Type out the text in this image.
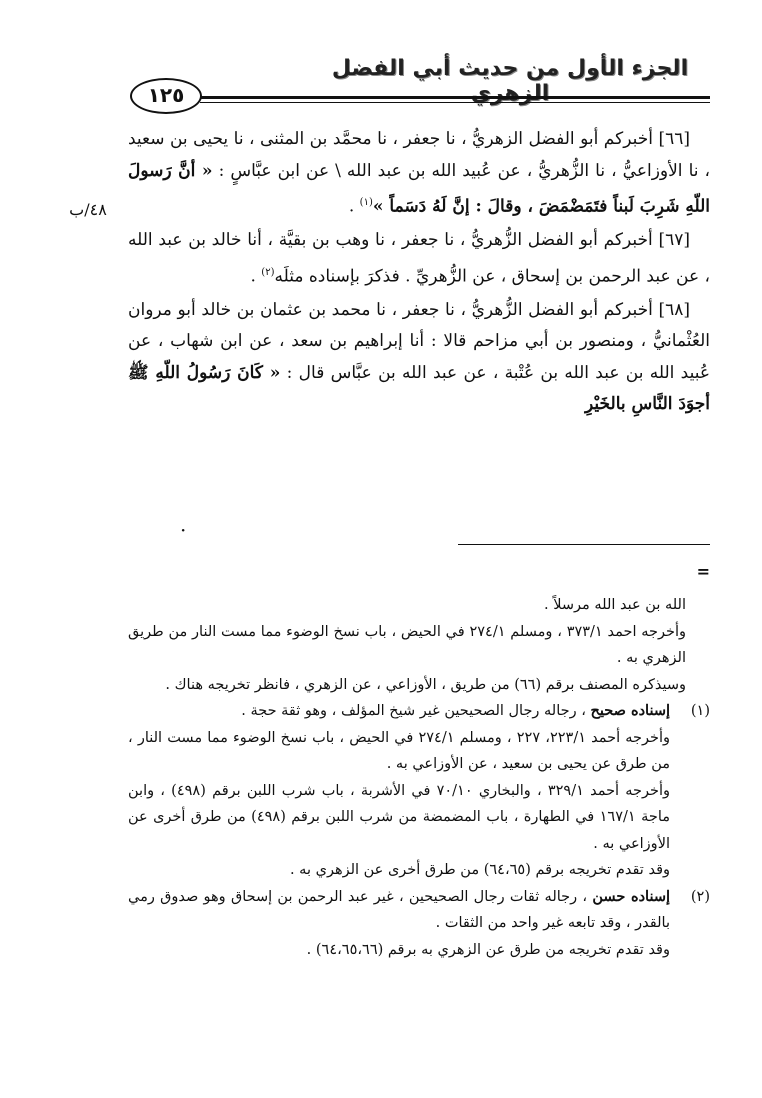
الجزء الأول من حديث أبي الفضل الزهري
١٢٥
٤٨/ب

[٦٦] أخبركم أبو الفضل الزهريُّ ، نا جعفر ، نا محمَّد بن المثنى ، نا يحيى بن سعيد ، نا الأوزاعيُّ ، نا الزُّهريُّ ، عن عُبيد الله بن عبد الله \ عن ابن عبَّاسٍ : « أنَّ رَسولَ اللّهِ شَرِبَ لَبناً فتَمَضْمَضَ ، وقالَ : إنَّ لَهُ دَسَماً »$^{(١)}$ .

[٦٧] أخبركم أبو الفضل الزُّهريُّ ، نا جعفر ، نا وهب بن بقيَّة ، أنا خالد بن عبد الله ، عن عبد الرحمن بن إسحاق ، عن الزُّهريِّ . فذكرَ بإسناده مثلَه$^{(٢)}$ .

[٦٨] أخبركم أبو الفضل الزُّهريُّ ، نا جعفر ، نا محمد بن عثمان بن خالد أبو مروان العُثْمانيُّ ، ومنصور بن أبي مزاحم قالا : أنا إبراهيم بن سعد ، عن ابن شهاب ، عن عُبيد الله بن عبد الله بن عُتْبة ، عن عبد الله بن عبَّاس قال : « كَانَ رَسُولُ اللّهِ ﷺ أجوَدَ النَّاسِ بالخَيْرِ

·
=

الله بن عبد الله مرسلاً .

وأخرجه احمد ٣٧٣/١ ، ومسلم ٢٧٤/١ في الحيض ، باب نسخ الوضوء مما مست النار من طريق الزهري به .

وسيذكره المصنف برقم (٦٦) من طريق ، الأوزاعي ، عن الزهري ، فانظر تخريجه هناك .

(١)

إسناده صحيح ، رجاله رجال الصحيحين غير شيخ المؤلف ، وهو ثقة حجة .

وأخرجه أحمد ٢٢٣/١، ٢٢٧ ، ومسلم ٢٧٤/١ في الحيض ، باب نسخ الوضوء مما مست النار ، من طرق عن يحيى بن سعيد ، عن الأوزاعي به .

وأخرجه أحمد ٣٢٩/١ ، والبخاري ٧٠/١٠ في الأشربة ، باب شرب اللبن برقم (٤٩٨) ، وابن ماجة ١٦٧/١ في الطهارة ، باب المضمضة من شرب اللبن برقم (٤٩٨) من طرق أخرى عن الأوزاعي به .

وقد تقدم تخريجه برقم (٦٤،٦٥) من طرق أخرى عن الزهري به .

(٢)

إسناده حسن ، رجاله ثقات رجال الصحيحين ، غير عبد الرحمن بن إسحاق وهو صدوق رمي بالقدر ، وقد تابعه غير واحد من الثقات .

وقد تقدم تخريجه من طرق عن الزهري به برقم (٦٤،٦٥،٦٦) .
